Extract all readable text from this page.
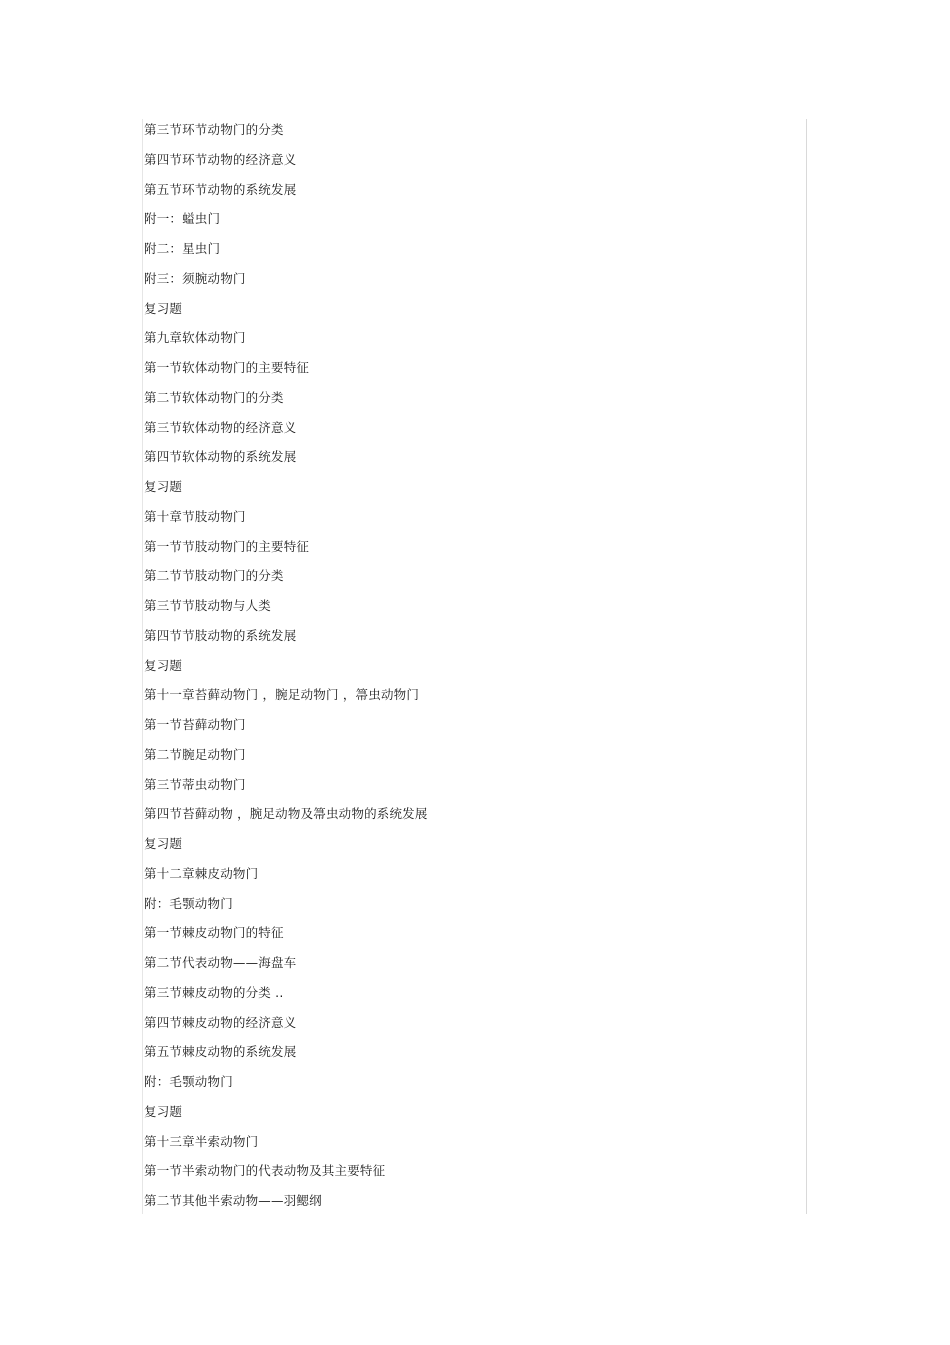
第三节环节动物门的分类
第四节环节动物的经济意义
第五节环节动物的系统发展
附一：螠虫门
附二：星虫门
附三：须腕动物门
复习题
第九章软体动物门
第一节软体动物门的主要特征
第二节软体动物门的分类
第三节软体动物的经济意义
第四节软体动物的系统发展
复习题
第十章节肢动物门
第一节节肢动物门的主要特征
第二节节肢动物门的分类
第三节节肢动物与人类
第四节节肢动物的系统发展
复习题
第十一章苔藓动物门 ，腕足动物门 ，箒虫动物门
第一节苔藓动物门
第二节腕足动物门
第三节蒂虫动物门
第四节苔藓动物 ，腕足动物及箒虫动物的系统发展
复习题
第十二章棘皮动物门
附：毛颚动物门
第一节棘皮动物门的特征
第二节代表动物——海盘车
第三节棘皮动物的分类 ..
第四节棘皮动物的经济意义
第五节棘皮动物的系统发展
附：毛颚动物门
复习题
第十三章半索动物门
第一节半索动物门的代表动物及其主要特征
第二节其他半索动物——羽鳃纲
